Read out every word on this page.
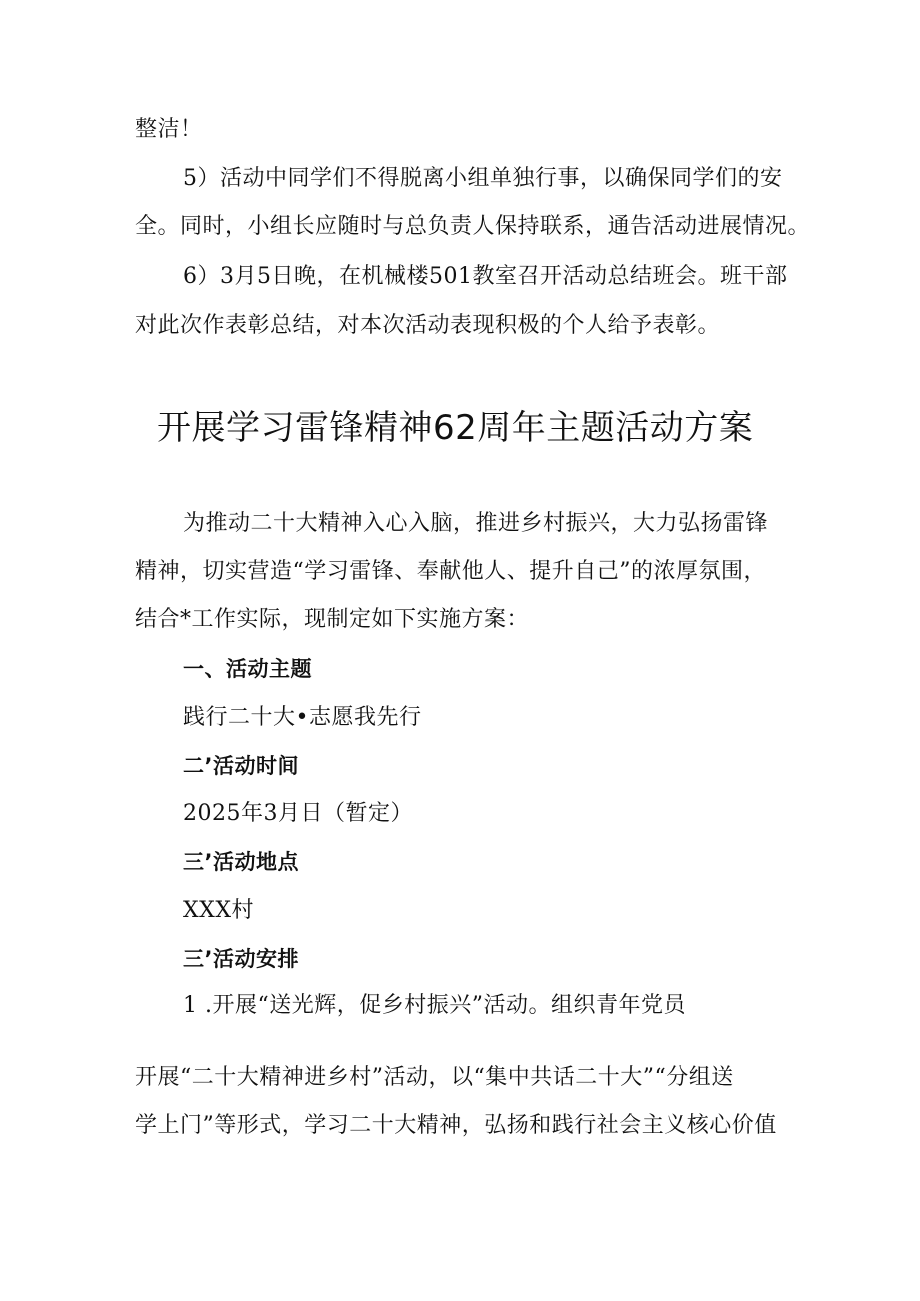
整洁！
5）活动中同学们不得脱离小组单独行事，以确保同学们的安
全。同时，小组长应随时与总负责人保持联系，通告活动进展情况。
6）3月5日晚，在机械楼501教室召开活动总结班会。班干部
对此次作表彰总结，对本次活动表现积极的个人给予表彰。
开展学习雷锋精神62周年主题活动方案
为推动二十大精神入心入脑，推进乡村振兴，大力弘扬雷锋
精神，切实营造“学习雷锋、奉献他人、提升自己”的浓厚氛围，
结合*工作实际，现制定如下实施方案：
一、活动主题
践行二十大•志愿我先行
二’活动时间
2025年3月日（暂定）
三’活动地点
XXX村
三’活动安排
1 .开展“送光辉，促乡村振兴”活动。组织青年党员
开展“二十大精神进乡村”活动，以“集中共话二十大”“分组送
学上门”等形式，学习二十大精神，弘扬和践行社会主义核心价值
